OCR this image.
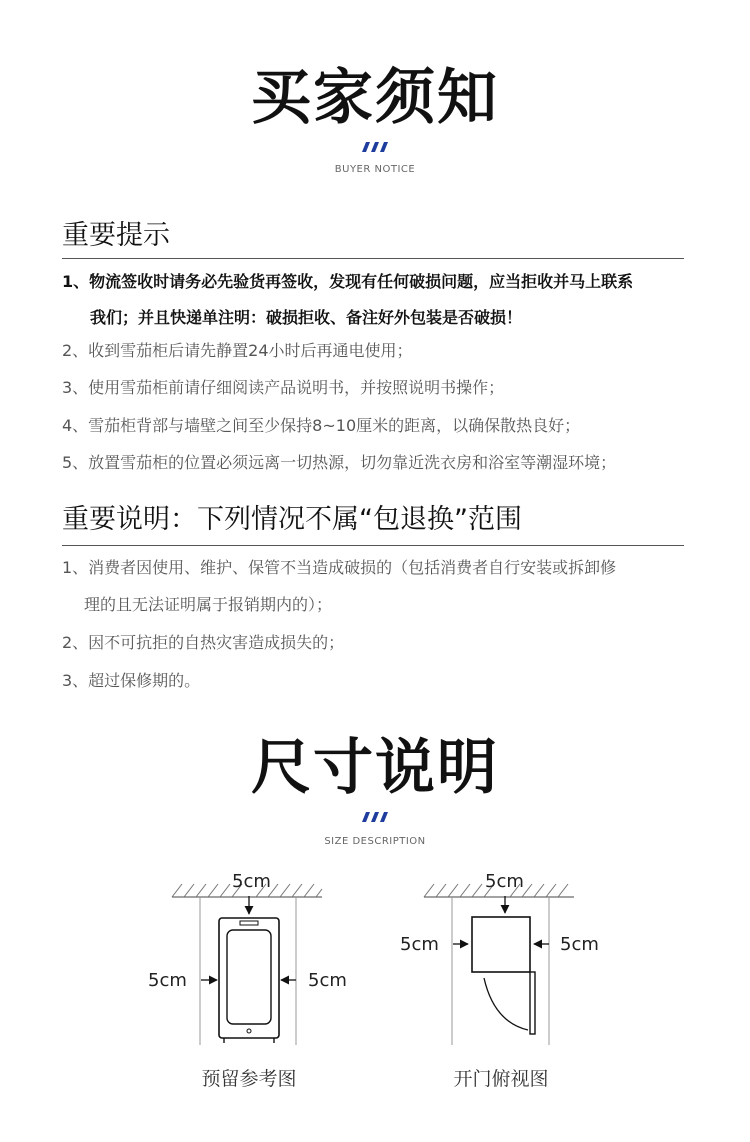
买家须知
BUYER NOTICE
重要提示
1、物流签收时请务必先验货再签收，发现有任何破损问题，应当拒收并马上联系
我们；并且快递单注明：破损拒收、备注好外包装是否破损！
2、收到雪茄柜后请先静置24小时后再通电使用；
3、使用雪茄柜前请仔细阅读产品说明书，并按照说明书操作；
4、雪茄柜背部与墙壁之间至少保持8~10厘米的距离，以确保散热良好；
5、放置雪茄柜的位置必须远离一切热源，切勿靠近洗衣房和浴室等潮湿环境；
重要说明：下列情况不属“包退换”范围
1、消费者因使用、维护、保管不当造成破损的（包括消费者自行安装或拆卸修
理的且无法证明属于报销期内的）；
2、因不可抗拒的自热灾害造成损失的；
3、超过保修期的。
尺寸说明
SIZE DESCRIPTION
5cm
5cm	5cm
预留参考图
5cm
5cm	5cm
开门俯视图
